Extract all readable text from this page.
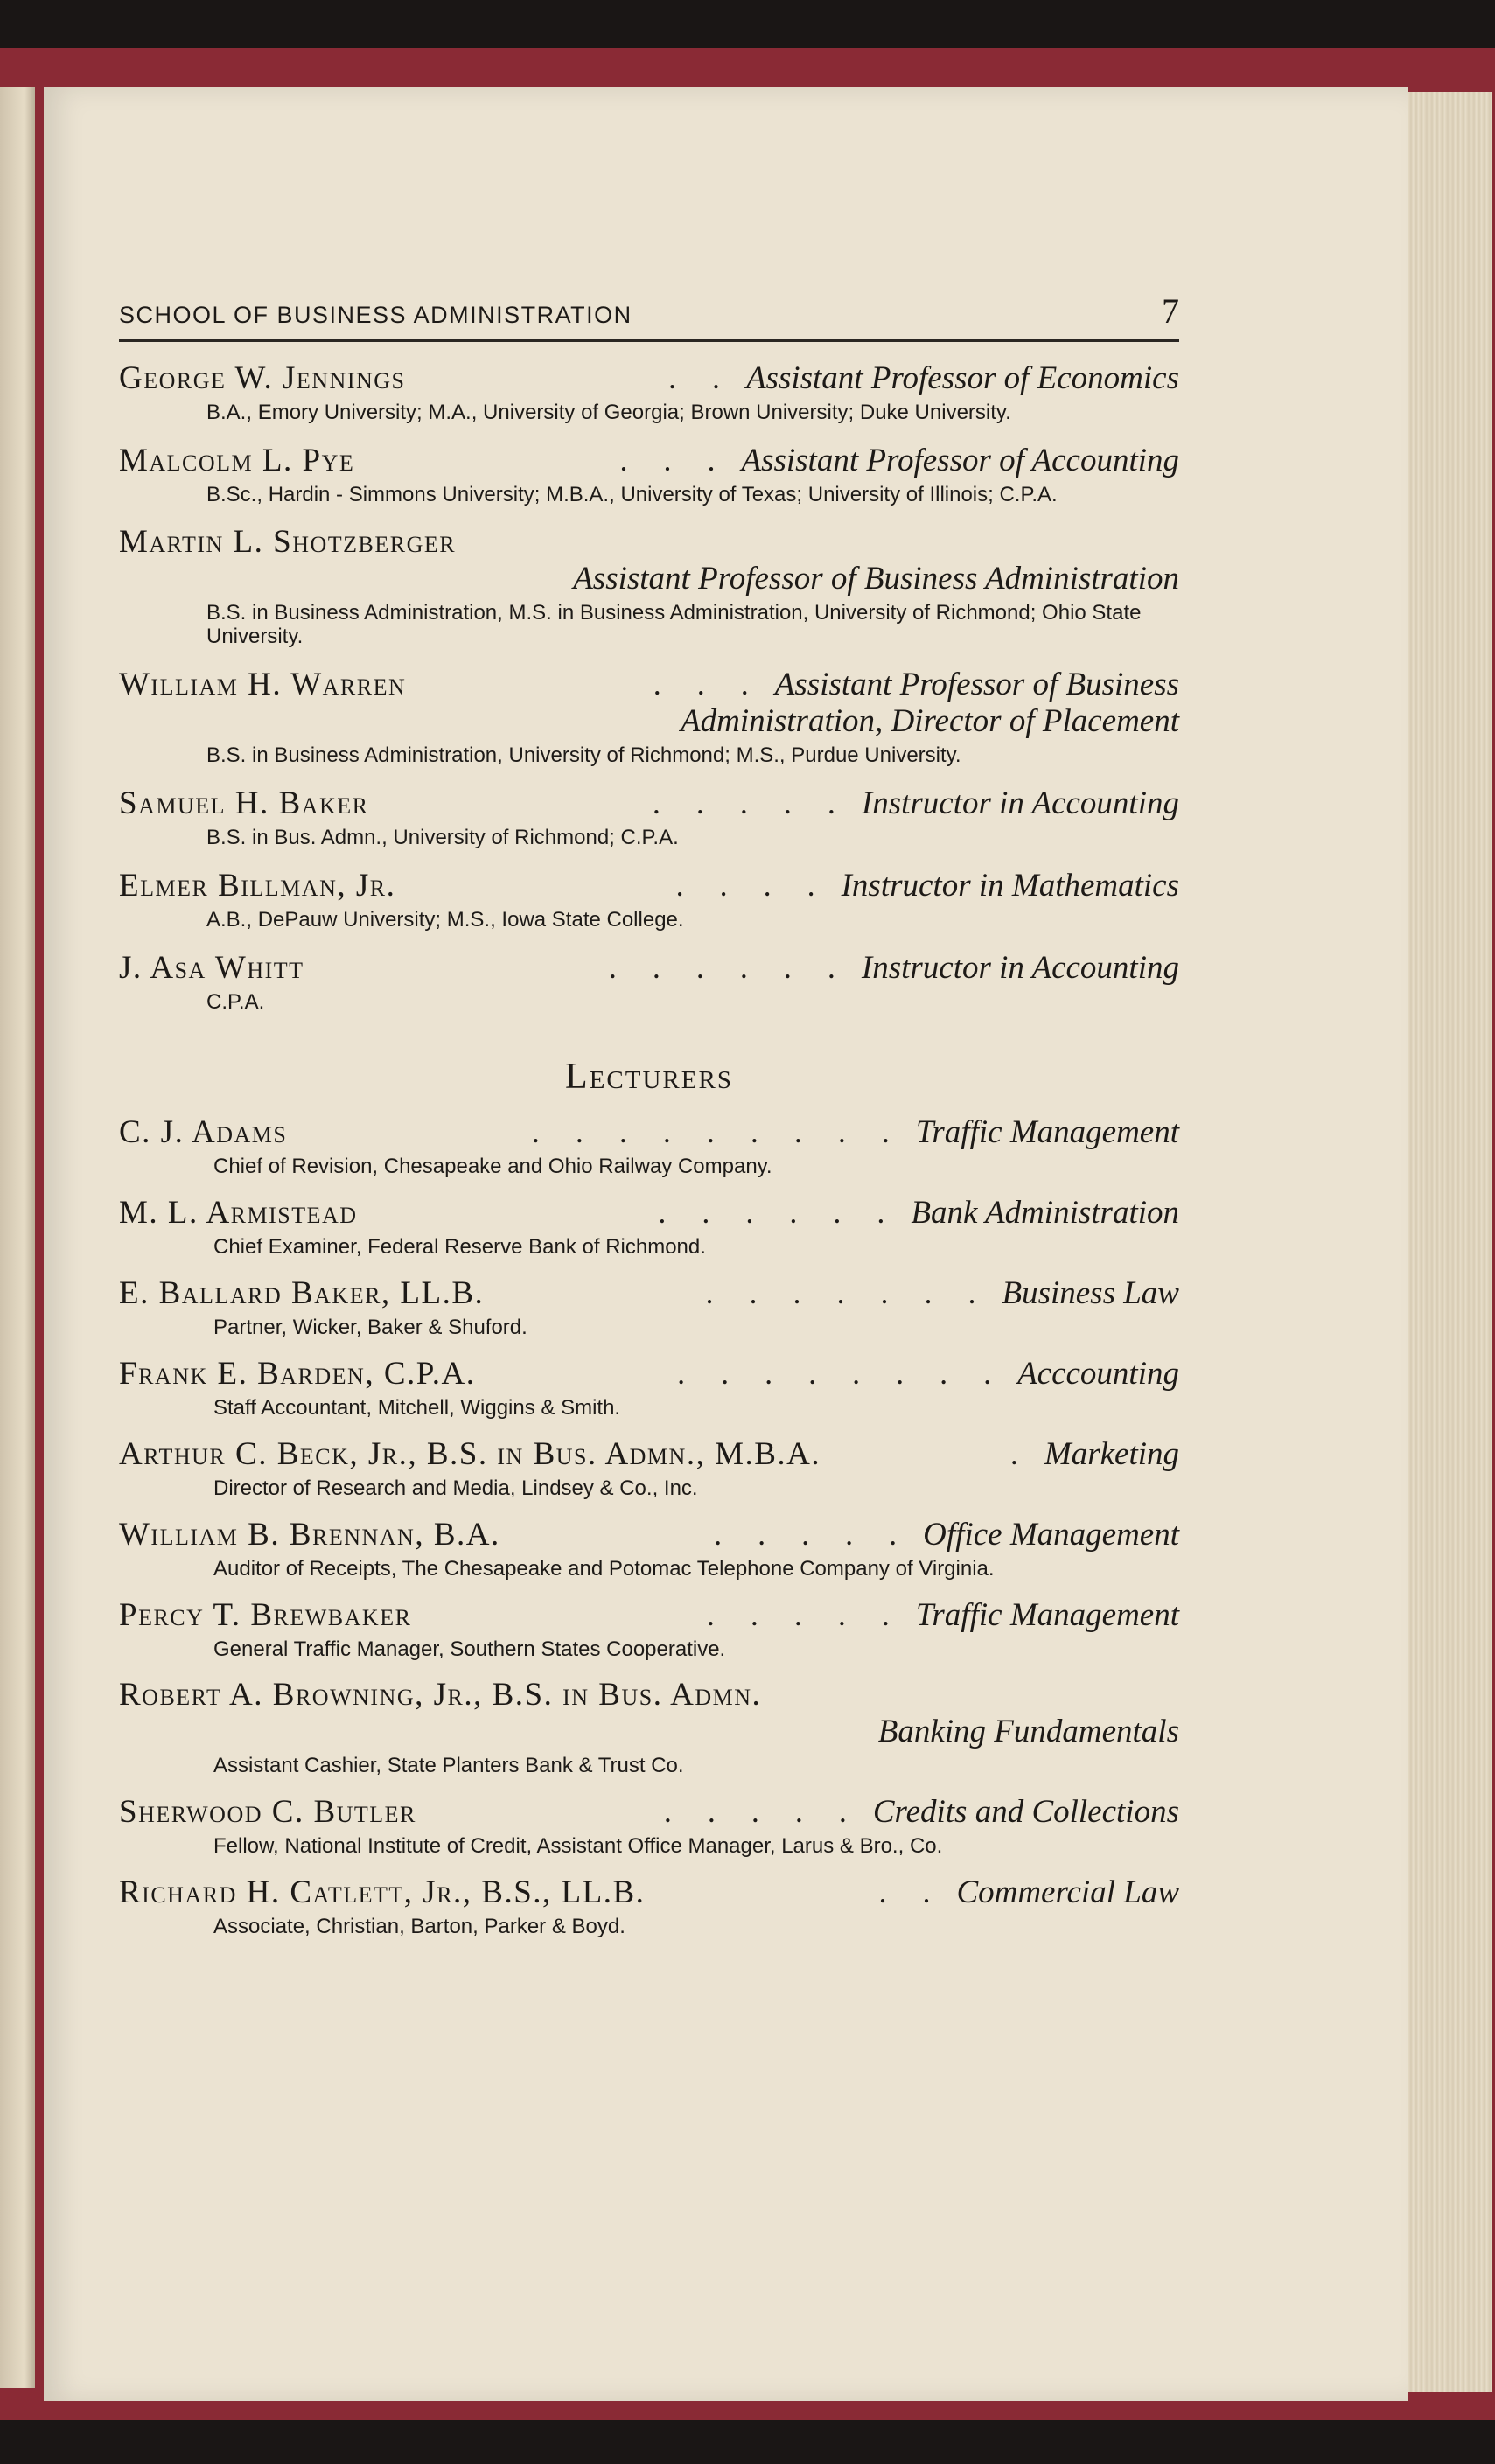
SCHOOL OF BUSINESS ADMINISTRATION	7
George W. Jennings	. . Assistant Professor of Economics
B.A., Emory University; M.A., University of Georgia; Brown University; Duke University.
Malcolm L. Pye	. . . Assistant Professor of Accounting
B.Sc., Hardin - Simmons University; M.B.A., University of Texas; University of Illinois; C.P.A.
Martin L. Shotzberger
Assistant Professor of Business Administration
B.S. in Business Administration, M.S. in Business Administration, University of Richmond; Ohio State University.
William H. Warren	. . . Assistant Professor of Business
Administration, Director of Placement
B.S. in Business Administration, University of Richmond; M.S., Purdue University.
Samuel H. Baker	. . . . . Instructor in Accounting
B.S. in Bus. Admn., University of Richmond; C.P.A.
Elmer Billman, Jr.	. . . . Instructor in Mathematics
A.B., DePauw University; M.S., Iowa State College.
J. Asa Whitt	. . . . . . Instructor in Accounting
C.P.A.
Lecturers
C. J. Adams	. . . . . . . . . Traffic Management
Chief of Revision, Chesapeake and Ohio Railway Company.
M. L. Armistead	. . . . . . Bank Administration
Chief Examiner, Federal Reserve Bank of Richmond.
E. Ballard Baker, LL.B.	. . . . . . . Business Law
Partner, Wicker, Baker & Shuford.
Frank E. Barden, C.P.A.	. . . . . . . . Acccounting
Staff Accountant, Mitchell, Wiggins & Smith.
Arthur C. Beck, Jr., B.S. in Bus. Admn., M.B.A.	. Marketing
Director of Research and Media, Lindsey & Co., Inc.
William B. Brennan, B.A.	. . . . . Office Management
Auditor of Receipts, The Chesapeake and Potomac Telephone Company of Virginia.
Percy T. Brewbaker	. . . . . Traffic Management
General Traffic Manager, Southern States Cooperative.
Robert A. Browning, Jr., B.S. in Bus. Admn.
Banking Fundamentals
Assistant Cashier, State Planters Bank & Trust Co.
Sherwood C. Butler	. . . . . Credits and Collections
Fellow, National Institute of Credit, Assistant Office Manager, Larus & Bro., Co.
Richard H. Catlett, Jr., B.S., LL.B.	. . Commercial Law
Associate, Christian, Barton, Parker & Boyd.
